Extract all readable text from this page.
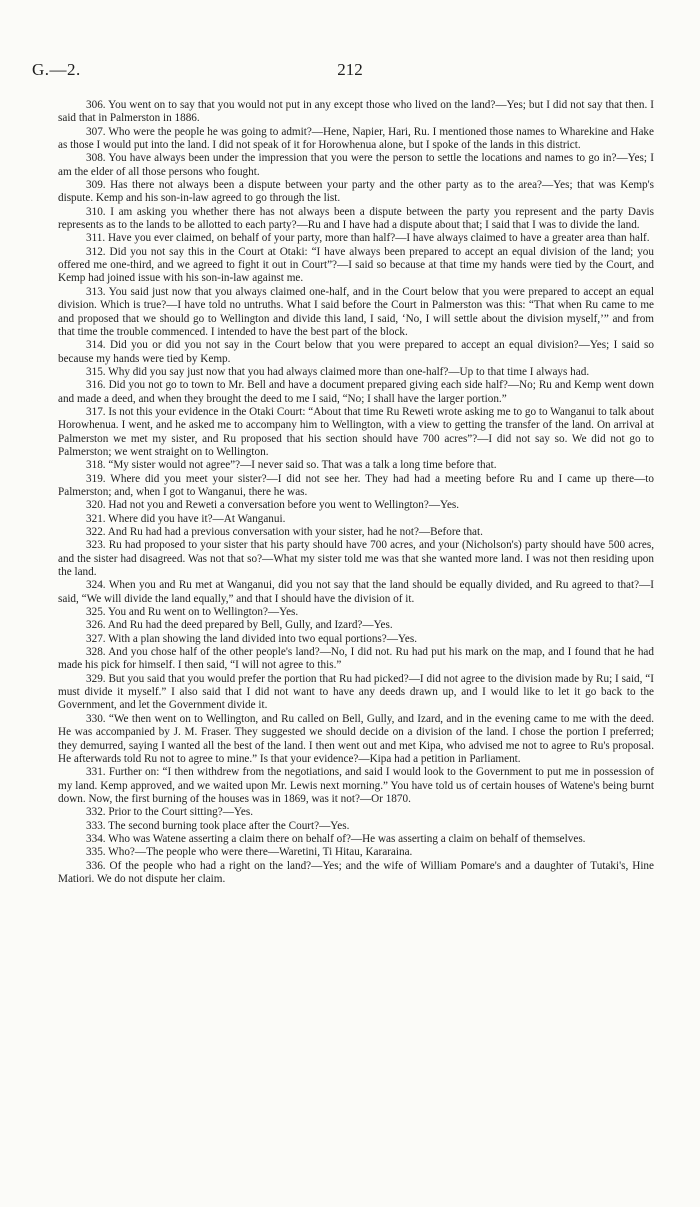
G.—2.	212

306. You went on to say that you would not put in any except those who lived on the land?—Yes; but I did not say that then. I said that in Palmerston in 1886.

307. Who were the people he was going to admit?—Hene, Napier, Hari, Ru. I mentioned those names to Wharekine and Hake as those I would put into the land. I did not speak of it for Horowhenua alone, but I spoke of the lands in this district.

308. You have always been under the impression that you were the person to settle the locations and names to go in?—Yes; I am the elder of all those persons who fought.

309. Has there not always been a dispute between your party and the other party as to the area?—Yes; that was Kemp's dispute. Kemp and his son-in-law agreed to go through the list.

310. I am asking you whether there has not always been a dispute between the party you represent and the party Davis represents as to the lands to be allotted to each party?—Ru and I have had a dispute about that; I said that I was to divide the land.

311. Have you ever claimed, on behalf of your party, more than half?—I have always claimed to have a greater area than half.

312. Did you not say this in the Court at Otaki: “I have always been prepared to accept an equal division of the land; you offered me one-third, and we agreed to fight it out in Court”?—I said so because at that time my hands were tied by the Court, and Kemp had joined issue with his son-in-law against me.

313. You said just now that you always claimed one-half, and in the Court below that you were prepared to accept an equal division. Which is true?—I have told no untruths. What I said before the Court in Palmerston was this: “That when Ru came to me and proposed that we should go to Wellington and divide this land, I said, ‘No, I will settle about the division myself,’” and from that time the trouble commenced. I intended to have the best part of the block.

314. Did you or did you not say in the Court below that you were prepared to accept an equal division?—Yes; I said so because my hands were tied by Kemp.

315. Why did you say just now that you had always claimed more than one-half?—Up to that time I always had.

316. Did you not go to town to Mr. Bell and have a document prepared giving each side half?—No; Ru and Kemp went down and made a deed, and when they brought the deed to me I said, “No; I shall have the larger portion.”

317. Is not this your evidence in the Otaki Court: “About that time Ru Reweti wrote asking me to go to Wanganui to talk about Horowhenua. I went, and he asked me to accompany him to Wellington, with a view to getting the transfer of the land. On arrival at Palmerston we met my sister, and Ru proposed that his section should have 700 acres”?—I did not say so. We did not go to Palmerston; we went straight on to Wellington.

318. “My sister would not agree”?—I never said so. That was a talk a long time before that.

319. Where did you meet your sister?—I did not see her. They had had a meeting before Ru and I came up there—to Palmerston; and, when I got to Wanganui, there he was.

320. Had not you and Reweti a conversation before you went to Wellington?—Yes.

321. Where did you have it?—At Wanganui.

322. And Ru had had a previous conversation with your sister, had he not?—Before that.

323. Ru had proposed to your sister that his party should have 700 acres, and your (Nicholson's) party should have 500 acres, and the sister had disagreed. Was not that so?—What my sister told me was that she wanted more land. I was not then residing upon the land.

324. When you and Ru met at Wanganui, did you not say that the land should be equally divided, and Ru agreed to that?—I said, “We will divide the land equally,” and that I should have the division of it.

325. You and Ru went on to Wellington?—Yes.

326. And Ru had the deed prepared by Bell, Gully, and Izard?—Yes.

327. With a plan showing the land divided into two equal portions?—Yes.

328. And you chose half of the other people's land?—No, I did not. Ru had put his mark on the map, and I found that he had made his pick for himself. I then said, “I will not agree to this.”

329. But you said that you would prefer the portion that Ru had picked?—I did not agree to the division made by Ru; I said, “I must divide it myself.” I also said that I did not want to have any deeds drawn up, and I would like to let it go back to the Government, and let the Government divide it.

330. “We then went on to Wellington, and Ru called on Bell, Gully, and Izard, and in the evening came to me with the deed. He was accompanied by J. M. Fraser. They suggested we should decide on a division of the land. I chose the portion I preferred; they demurred, saying I wanted all the best of the land. I then went out and met Kipa, who advised me not to agree to Ru's proposal. He afterwards told Ru not to agree to mine.” Is that your evidence?—Kipa had a petition in Parliament.

331. Further on: “I then withdrew from the negotiations, and said I would look to the Government to put me in possession of my land. Kemp approved, and we waited upon Mr. Lewis next morning.” You have told us of certain houses of Watene's being burnt down. Now, the first burning of the houses was in 1869, was it not?—Or 1870.

332. Prior to the Court sitting?—Yes.

333. The second burning took place after the Court?—Yes.

334. Who was Watene asserting a claim there on behalf of?—He was asserting a claim on behalf of themselves.

335. Who?—The people who were there—Waretini, Ti Hitau, Kararaina.

336. Of the people who had a right on the land?—Yes; and the wife of William Pomare's and a daughter of Tutaki's, Hine Matiori. We do not dispute her claim.
